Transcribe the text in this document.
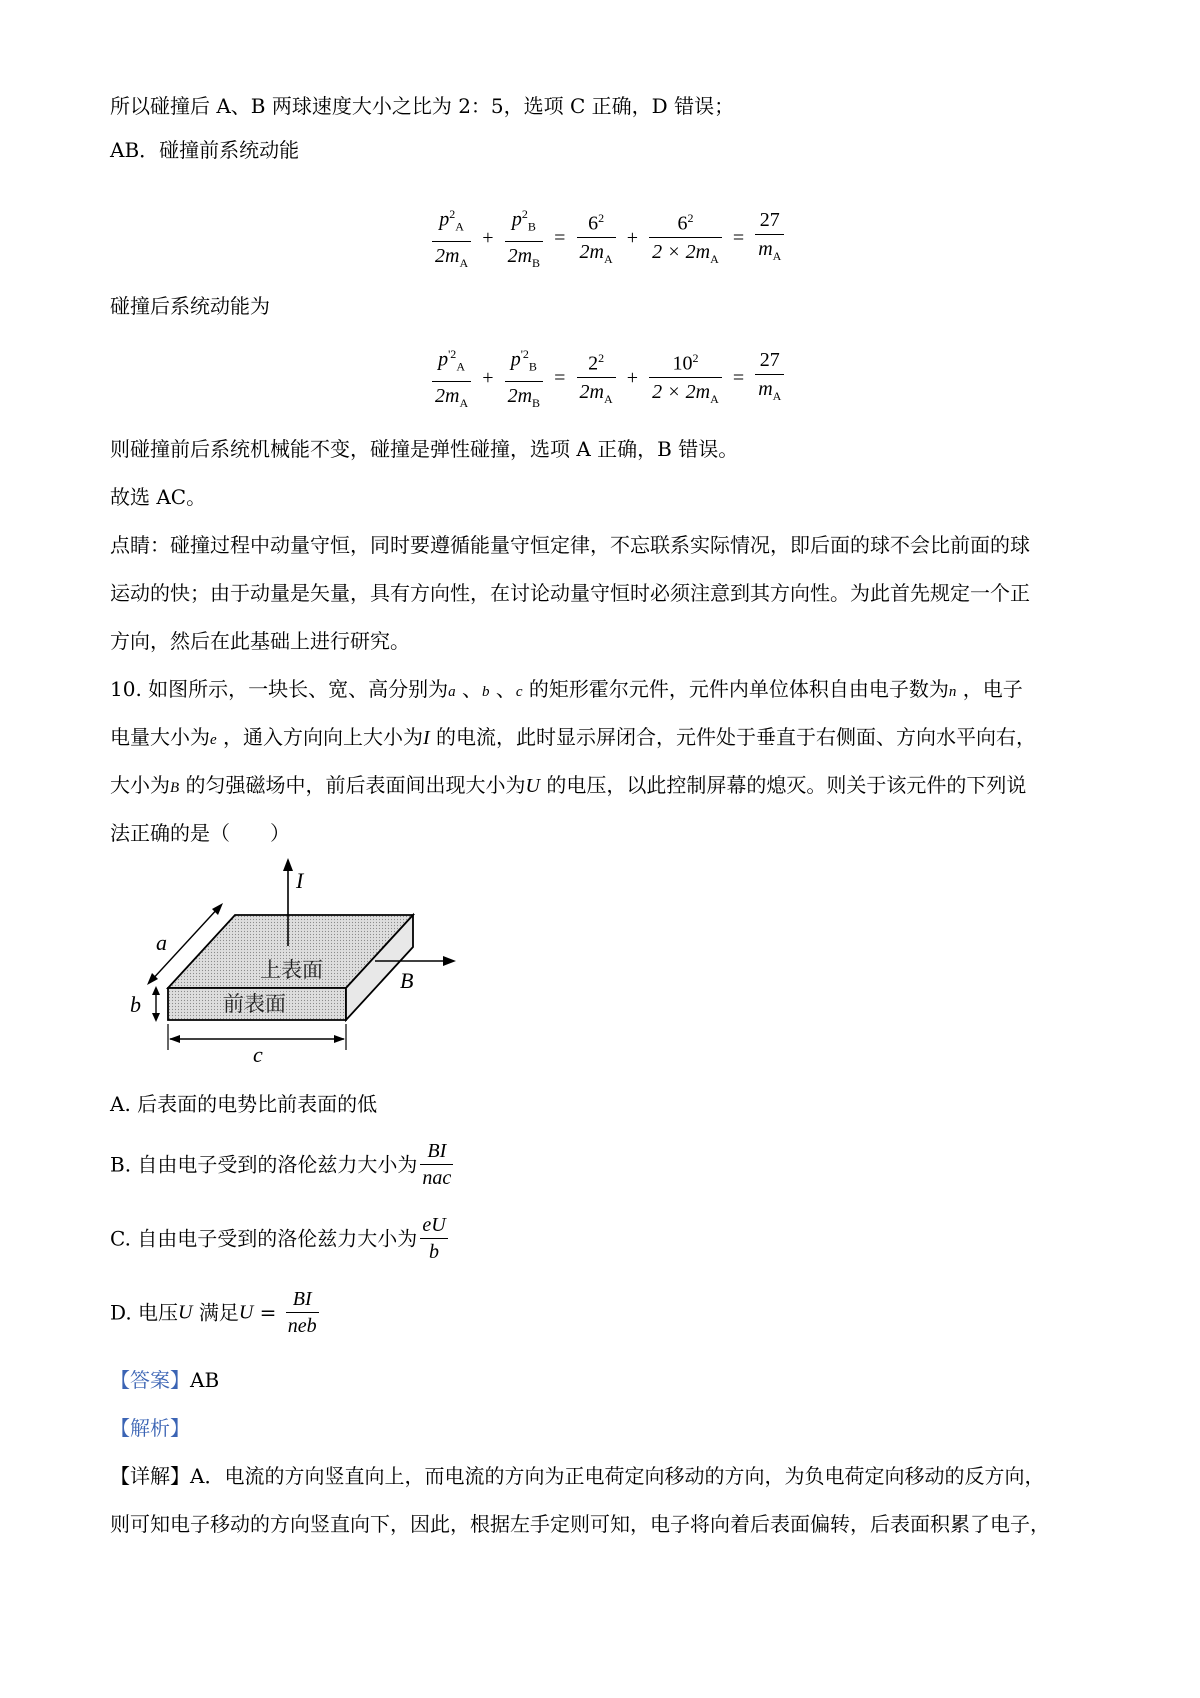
所以碰撞后 A、B 两球速度大小之比为 2：5，选项 C 正确，D 错误；
AB．碰撞前系统动能
$\frac{p^2_A}{2m_A} + \frac{p^2_B}{2m_B} = \frac{6^2}{2m_A} + \frac{6^2}{2 \times 2m_A} = \frac{27}{m_A}$
碰撞后系统动能为
$\frac{p^{'2}_A}{2m_A} + \frac{p^{'2}_B}{2m_B} = \frac{2^2}{2m_A} + \frac{10^2}{2 \times 2m_A} = \frac{27}{m_A}$
则碰撞前后系统机械能不变，碰撞是弹性碰撞，选项 A 正确，B 错误。
故选 AC。
点睛：碰撞过程中动量守恒，同时要遵循能量守恒定律，不忘联系实际情况，即后面的球不会比前面的球
运动的快；由于动量是矢量，具有方向性，在讨论动量守恒时必须注意到其方向性。为此首先规定一个正
方向，然后在此基础上进行研究。
10. 如图所示，一块长、宽、高分别为a 、b 、c 的矩形霍尔元件，元件内单位体积自由电子数为n ，电子
电量大小为e ，通入方向向上大小为I 的电流，此时显示屏闭合，元件处于垂直于右侧面、方向水平向右，
大小为B 的匀强磁场中，前后表面间出现大小为U 的电压，以此控制屏幕的熄灭。则关于该元件的下列说
法正确的是（　　）
I
a
b
c
B
上表面
前表面
A. 后表面的电势比前表面的低
B. 自由电子受到的洛伦兹力大小为
BI
nac
C. 自由电子受到的洛伦兹力大小为 $\frac{eU}{b}$
D. 电压U 满足U =
BI
neb
【答案】AB
【解析】
【详解】A．电流的方向竖直向上，而电流的方向为正电荷定向移动的方向，为负电荷定向移动的反方向，
则可知电子移动的方向竖直向下，因此，根据左手定则可知，电子将向着后表面偏转，后表面积累了电子，
